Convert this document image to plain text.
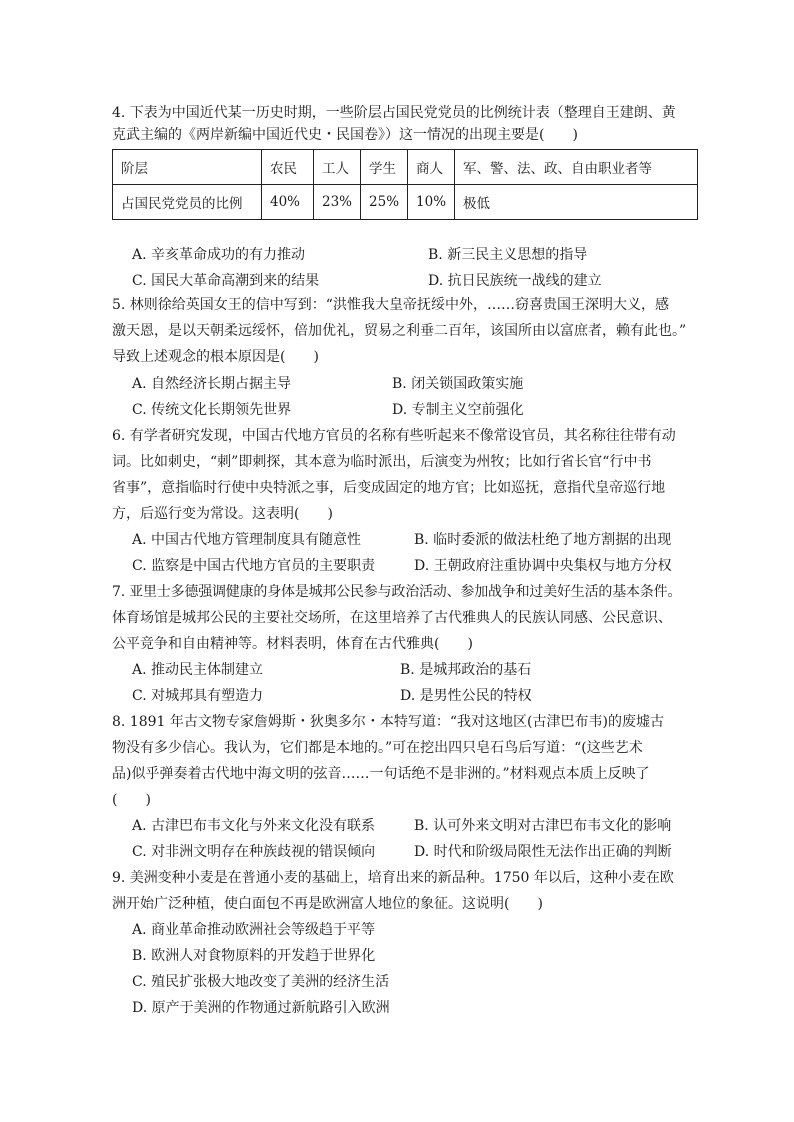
4. 下表为中国近代某一历史时期，一些阶层占国民党党员的比例统计表（整理自王建朗、黄
克武主编的《两岸新编中国近代史・民国卷》）这一情况的出现主要是(　　)
阶层	农民	工人	学生	商人	军、警、法、政、自由职业者等
占国民党党员的比例	40%	23%	25%	10%	极低
A. 辛亥革命成功的有力推动	B. 新三民主义思想的指导
C. 国民大革命高潮到来的结果	D. 抗日民族统一战线的建立
5. 林则徐给英国女王的信中写到：“洪惟我大皇帝抚绥中外，……窃喜贵国王深明大义，感
激天恩，是以天朝柔远绥怀，倍加优礼，贸易之利垂二百年，该国所由以富庶者，赖有此也。”
导致上述观念的根本原因是(　　)
A. 自然经济长期占据主导	B. 闭关锁国政策实施
C. 传统文化长期领先世界	D. 专制主义空前强化
6. 有学者研究发现，中国古代地方官员的名称有些听起来不像常设官员，其名称往往带有动
词。比如刺史，“刺”即刺探，其本意为临时派出，后演变为州牧；比如行省长官“行中书
省事”，意指临时行使中央特派之事，后变成固定的地方官；比如巡抚，意指代皇帝巡行地
方，后巡行变为常设。这表明(　　)
A. 中国古代地方管理制度具有随意性	B. 临时委派的做法杜绝了地方割据的出现
C. 监察是中国古代地方官员的主要职责	D. 王朝政府注重协调中央集权与地方分权
7. 亚里士多德强调健康的身体是城邦公民参与政治活动、参加战争和过美好生活的基本条件。
体育场馆是城邦公民的主要社交场所，在这里培养了古代雅典人的民族认同感、公民意识、
公平竞争和自由精神等。材料表明，体育在古代雅典(　　)
A. 推动民主体制建立	B. 是城邦政治的基石
C. 对城邦具有塑造力	D. 是男性公民的特权
8. 1891 年古文物专家詹姆斯・狄奥多尔・本特写道：“我对这地区(古津巴布韦)的废墟古
物没有多少信心。我认为，它们都是本地的。”可在挖出四只皂石鸟后写道：“(这些艺术
品)似乎弹奏着古代地中海文明的弦音……一句话绝不是非洲的。”材料观点本质上反映了
(　　)
A. 古津巴布韦文化与外来文化没有联系	B. 认可外来文明对古津巴布韦文化的影响
C. 对非洲文明存在种族歧视的错误倾向	D. 时代和阶级局限性无法作出正确的判断
9. 美洲变种小麦是在普通小麦的基础上，培育出来的新品种。1750 年以后，这种小麦在欧
洲开始广泛种植，使白面包不再是欧洲富人地位的象征。这说明(　　)
A. 商业革命推动欧洲社会等级趋于平等
B. 欧洲人对食物原料的开发趋于世界化
C. 殖民扩张极大地改变了美洲的经济生活
D. 原产于美洲的作物通过新航路引入欧洲
